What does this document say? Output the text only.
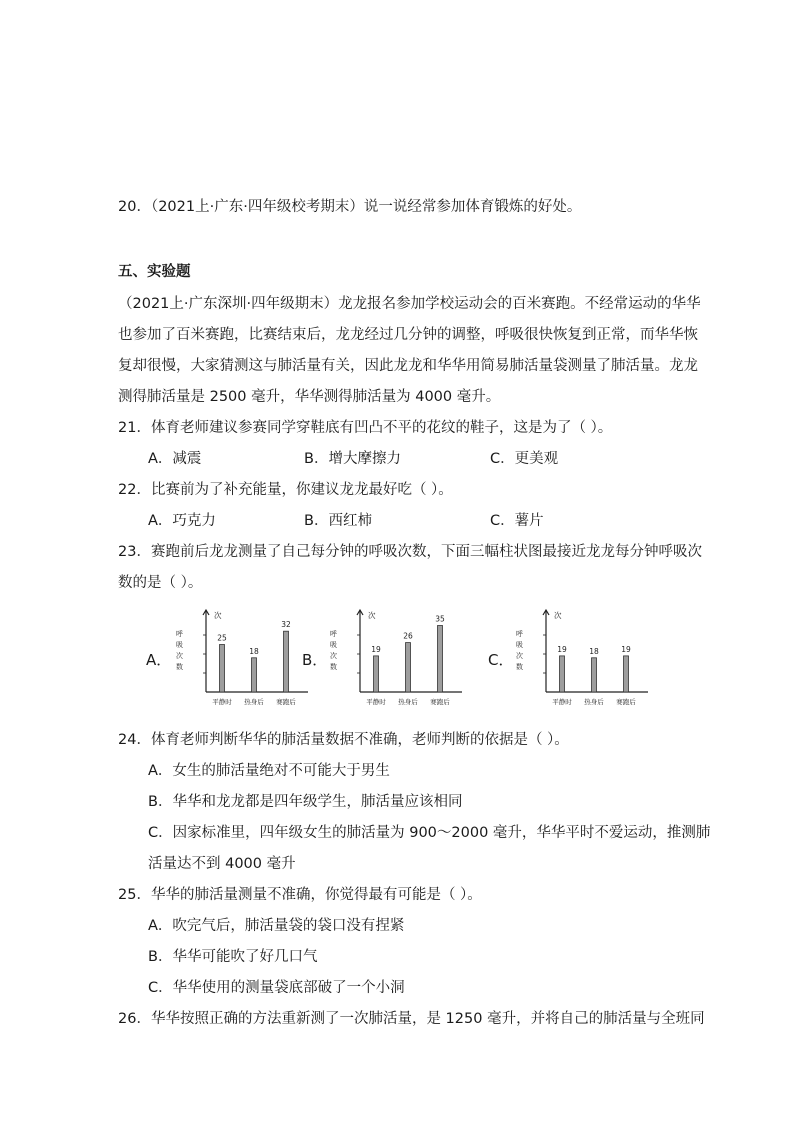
20．（2021上·广东·四年级校考期末）说一说经常参加体育锻炼的好处。
五、实验题
（2021上·广东深圳·四年级期末）龙龙报名参加学校运动会的百米赛跑。不经常运动的华华
也参加了百米赛跑，比赛结束后，龙龙经过几分钟的调整，呼吸很快恢复到正常，而华华恢
复却很慢，大家猜测这与肺活量有关，因此龙龙和华华用简易肺活量袋测量了肺活量。龙龙
测得肺活量是 2500 毫升，华华测得肺活量为 4000 毫升。
21．体育老师建议参赛同学穿鞋底有凹凸不平的花纹的鞋子，这是为了（ ）。
A．减震	B．增大摩擦力	C．更美观
22．比赛前为了补充能量，你建议龙龙最好吃（ ）。
A．巧克力	B．西红柿	C．薯片
23．赛跑前后龙龙测量了自己每分钟的呼吸次数，下面三幅柱状图最接近龙龙每分钟呼吸次
数的是（ ）。
A．	B．	C．
次
呼
吸
次
数
25
平静时
18
热身后
32
赛跑后
次
呼
吸
次
数
19
平静时
26
热身后
35
赛跑后
次
呼
吸
次
数
19
平静时
18
热身后
19
赛跑后
24．体育老师判断华华的肺活量数据不准确，老师判断的依据是（ ）。
A．女生的肺活量绝对不可能大于男生
B．华华和龙龙都是四年级学生，肺活量应该相同
C．因家标准里，四年级女生的肺活量为 900～2000 毫升，华华平时不爱运动，推测肺
活量达不到 4000 毫升
25．华华的肺活量测量不准确，你觉得最有可能是（ ）。
A．吹完气后，肺活量袋的袋口没有捏紧
B．华华可能吹了好几口气
C．华华使用的测量袋底部破了一个小洞
26．华华按照正确的方法重新测了一次肺活量，是 1250 毫升，并将自己的肺活量与全班同
